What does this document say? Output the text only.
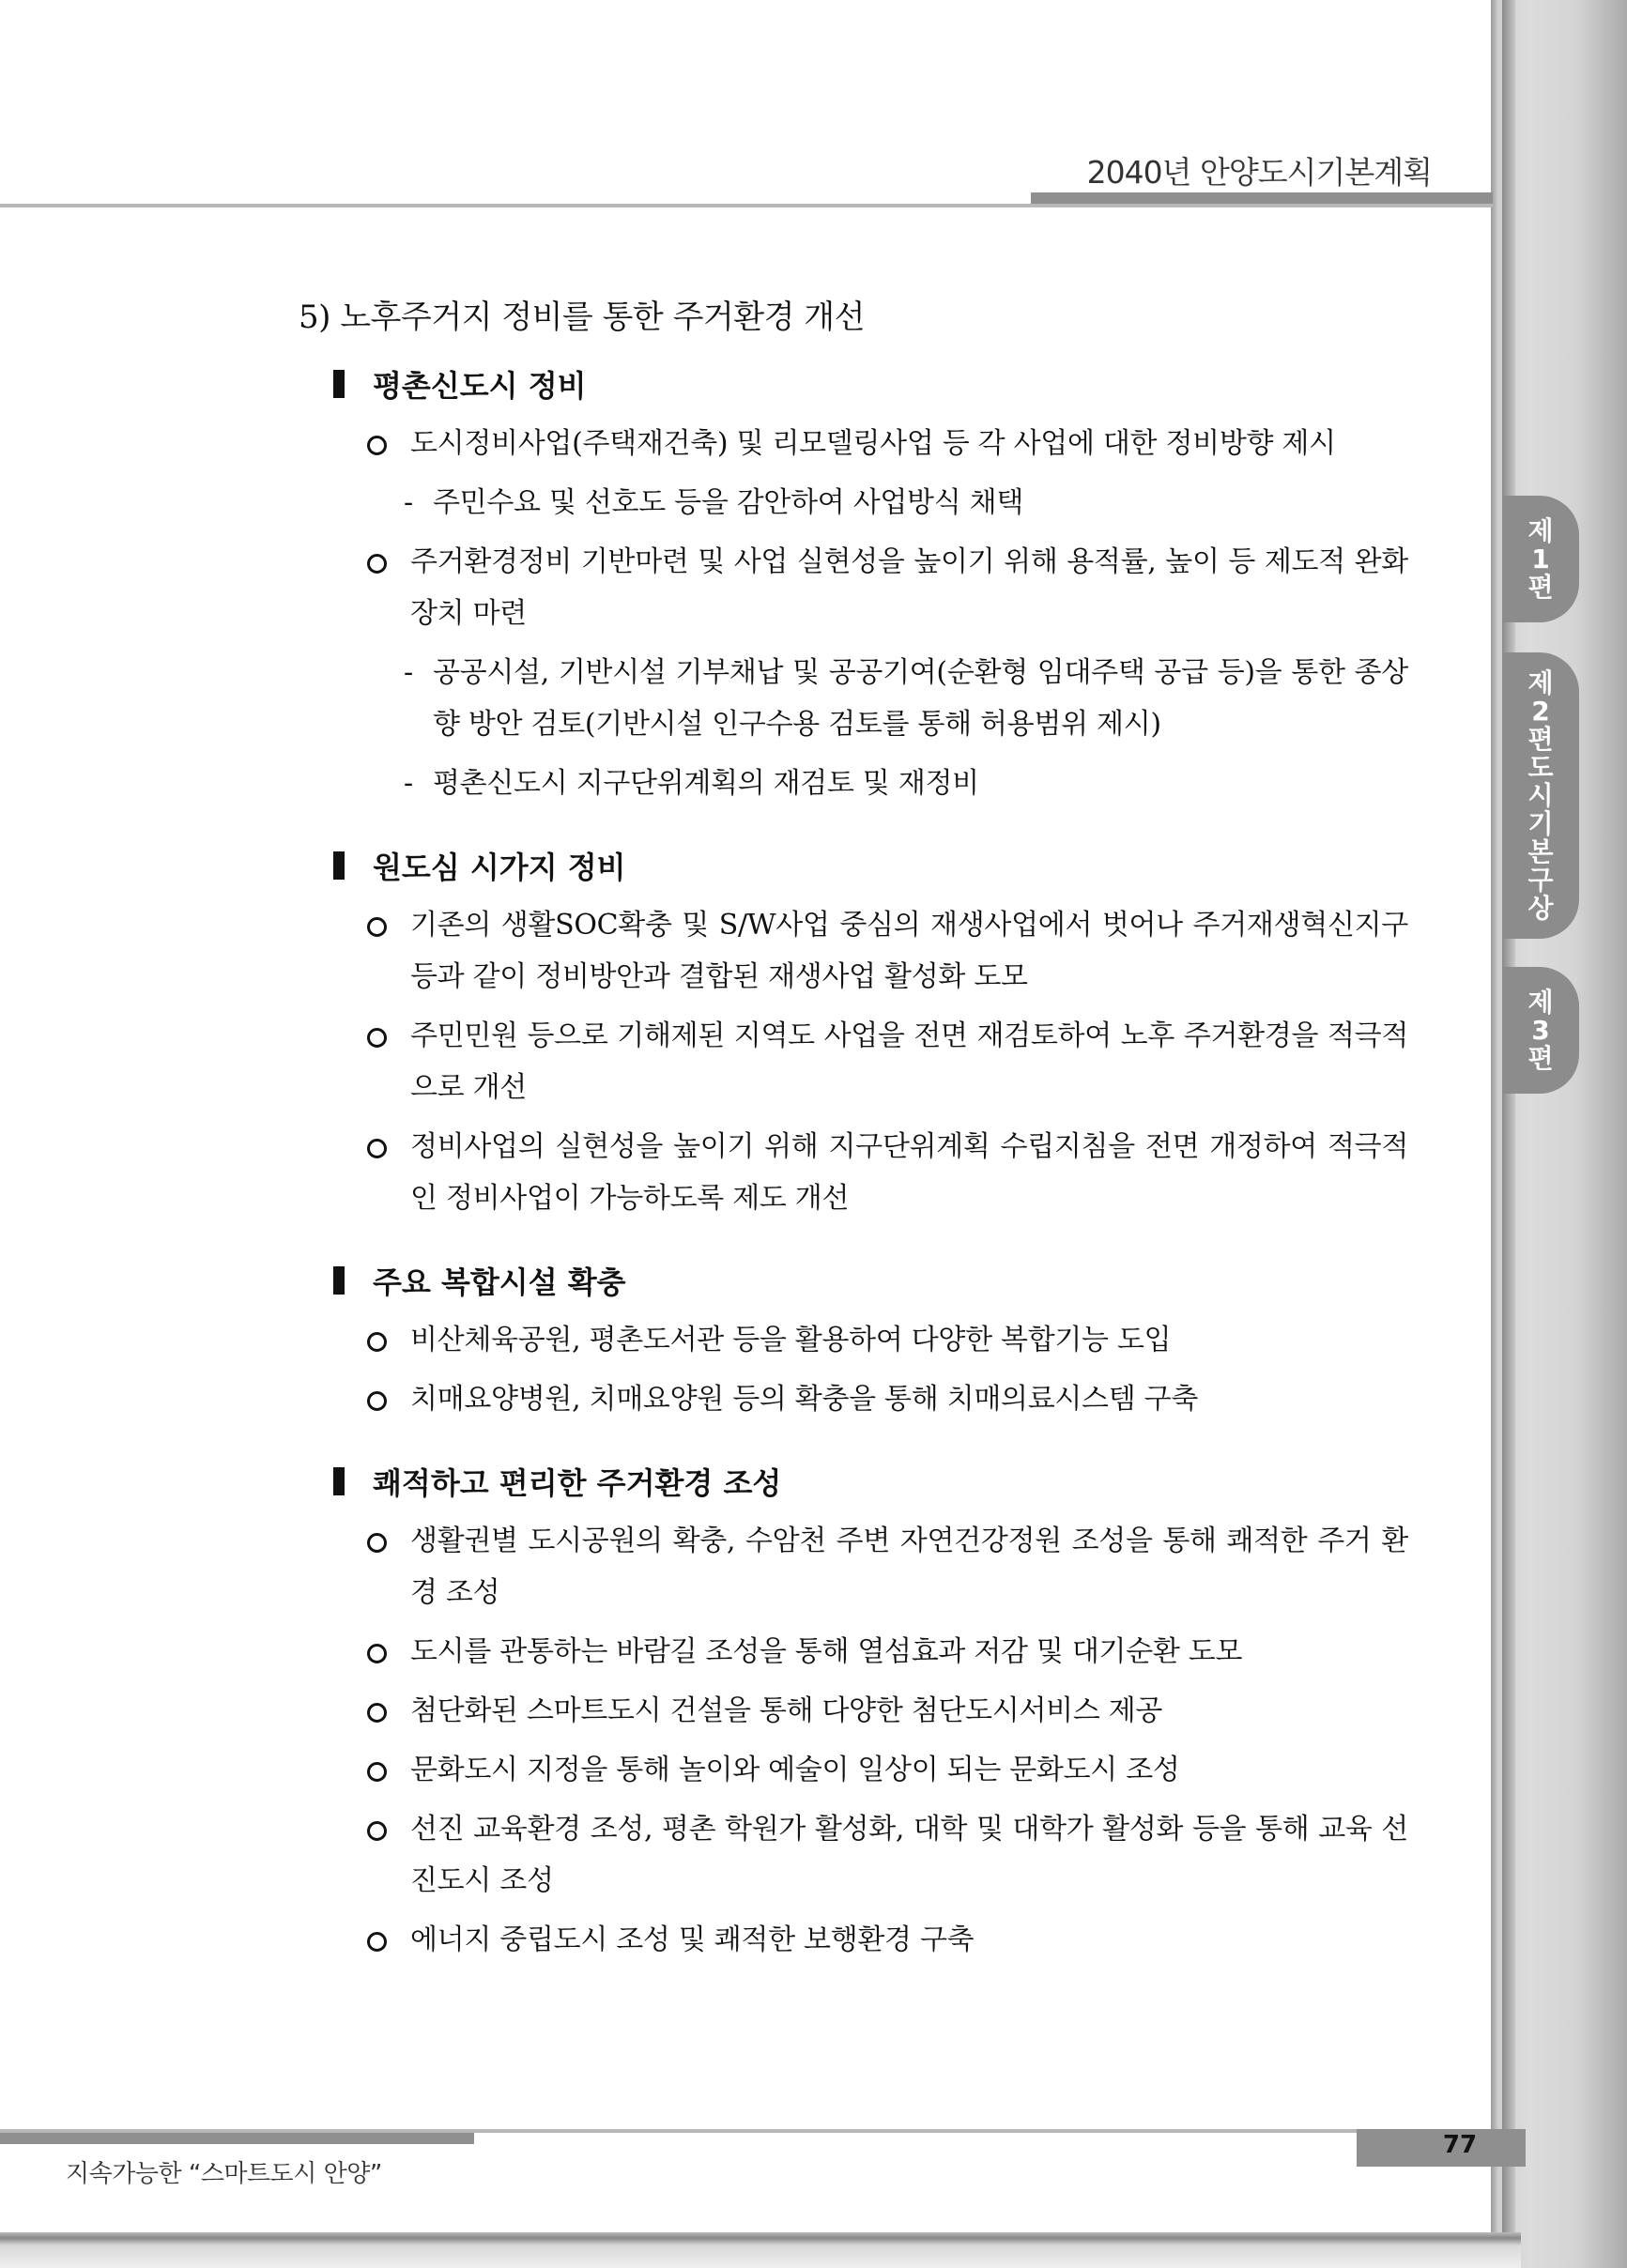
2040년 안양도시기본계획
제
1
편
제
2
편
도
시
기
본
구
상
제
3
편
5) 노후주거지 정비를 통한 주거환경 개선
평촌신도시 정비
도시정비사업(주택재건축) 및 리모델링사업 등 각 사업에 대한 정비방향 제시
- 주민수요 및 선호도 등을 감안하여 사업방식 채택
주거환경정비 기반마련 및 사업 실현성을 높이기 위해 용적률, 높이 등 제도적 완화장치 마련
- 공공시설, 기반시설 기부채납 및 공공기여(순환형 임대주택 공급 등)을 통한 종상향 방안 검토(기반시설 인구수용 검토를 통해 허용범위 제시)
- 평촌신도시 지구단위계획의 재검토 및 재정비
원도심 시가지 정비
기존의 생활SOC확충 및 S/W사업 중심의 재생사업에서 벗어나 주거재생혁신지구 등과 같이 정비방안과 결합된 재생사업 활성화 도모
주민민원 등으로 기해제된 지역도 사업을 전면 재검토하여 노후 주거환경을 적극적으로 개선
정비사업의 실현성을 높이기 위해 지구단위계획 수립지침을 전면 개정하여 적극적인 정비사업이 가능하도록 제도 개선
주요 복합시설 확충
비산체육공원, 평촌도서관 등을 활용하여 다양한 복합기능 도입
치매요양병원, 치매요양원 등의 확충을 통해 치매의료시스템 구축
쾌적하고 편리한 주거환경 조성
생활권별 도시공원의 확충, 수암천 주변 자연건강정원 조성을 통해 쾌적한 주거 환경 조성
도시를 관통하는 바람길 조성을 통해 열섬효과 저감 및 대기순환 도모
첨단화된 스마트도시 건설을 통해 다양한 첨단도시서비스 제공
문화도시 지정을 통해 놀이와 예술이 일상이 되는 문화도시 조성
선진 교육환경 조성, 평촌 학원가 활성화, 대학 및 대학가 활성화 등을 통해 교육 선진도시 조성
에너지 중립도시 조성 및 쾌적한 보행환경 구축
77
지속가능한 “스마트도시 안양”
